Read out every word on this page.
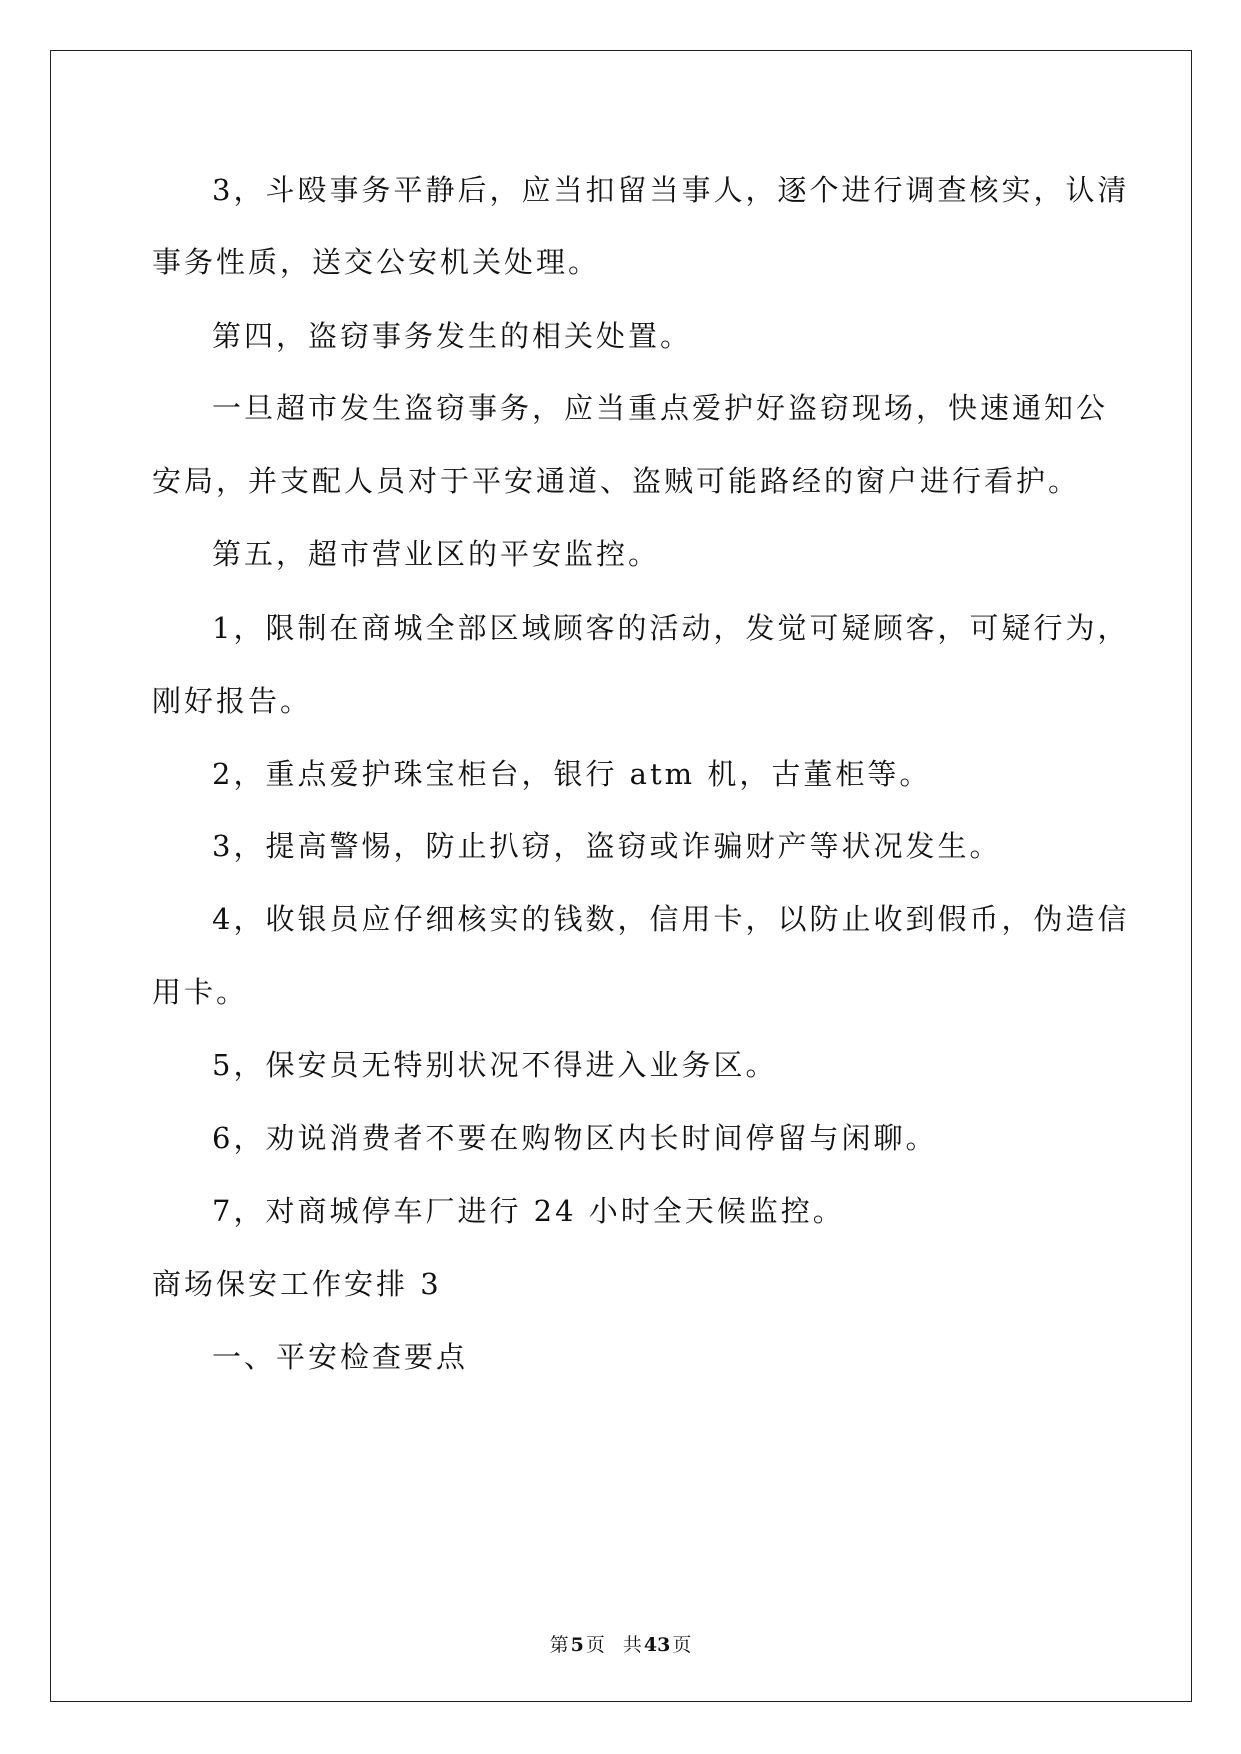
3，斗殴事务平静后，应当扣留当事人，逐个进行调查核实，认清
事务性质，送交公安机关处理。
第四，盗窃事务发生的相关处置。
一旦超市发生盗窃事务，应当重点爱护好盗窃现场，快速通知公
安局，并支配人员对于平安通道、盗贼可能路经的窗户进行看护。
第五，超市营业区的平安监控。
1，限制在商城全部区域顾客的活动，发觉可疑顾客，可疑行为，
刚好报告。
2，重点爱护珠宝柜台，银行 atm 机，古董柜等。
3，提高警惕，防止扒窃，盗窃或诈骗财产等状况发生。
4，收银员应仔细核实的钱数，信用卡，以防止收到假币，伪造信
用卡。
5，保安员无特别状况不得进入业务区。
6，劝说消费者不要在购物区内长时间停留与闲聊。
7，对商城停车厂进行 24 小时全天候监控。
商场保安工作安排 3
一、平安检查要点
第 5 页 共 43 页
